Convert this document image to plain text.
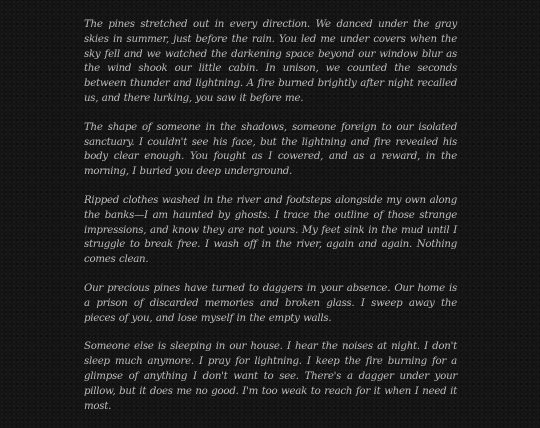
The pines stretched out in every direction. We danced under the gray skies in summer, just before the rain. You led me under covers when the sky fell and we watched the darkening space beyond our window blur as the wind shook our little cabin. In unison, we counted the seconds between thunder and lightning. A fire burned brightly after night recalled us, and there lurking, you saw it before me.

The shape of someone in the shadows, someone foreign to our isolated sanctuary. I couldn't see his face, but the lightning and fire revealed his body clear enough. You fought as I cowered, and as a reward, in the morning, I buried you deep underground.

Ripped clothes washed in the river and footsteps alongside my own along the banks—I am haunted by ghosts. I trace the outline of those strange impressions, and know they are not yours. My feet sink in the mud until I struggle to break free. I wash off in the river, again and again. Nothing comes clean.

Our precious pines have turned to daggers in your absence. Our home is a prison of discarded memories and broken glass. I sweep away the pieces of you, and lose myself in the empty walls.

Someone else is sleeping in our house. I hear the noises at night. I don't sleep much anymore. I pray for lightning. I keep the fire burning for a glimpse of anything I don't want to see. There's a dagger under your pillow, but it does me no good. I'm too weak to reach for it when I need it most.
